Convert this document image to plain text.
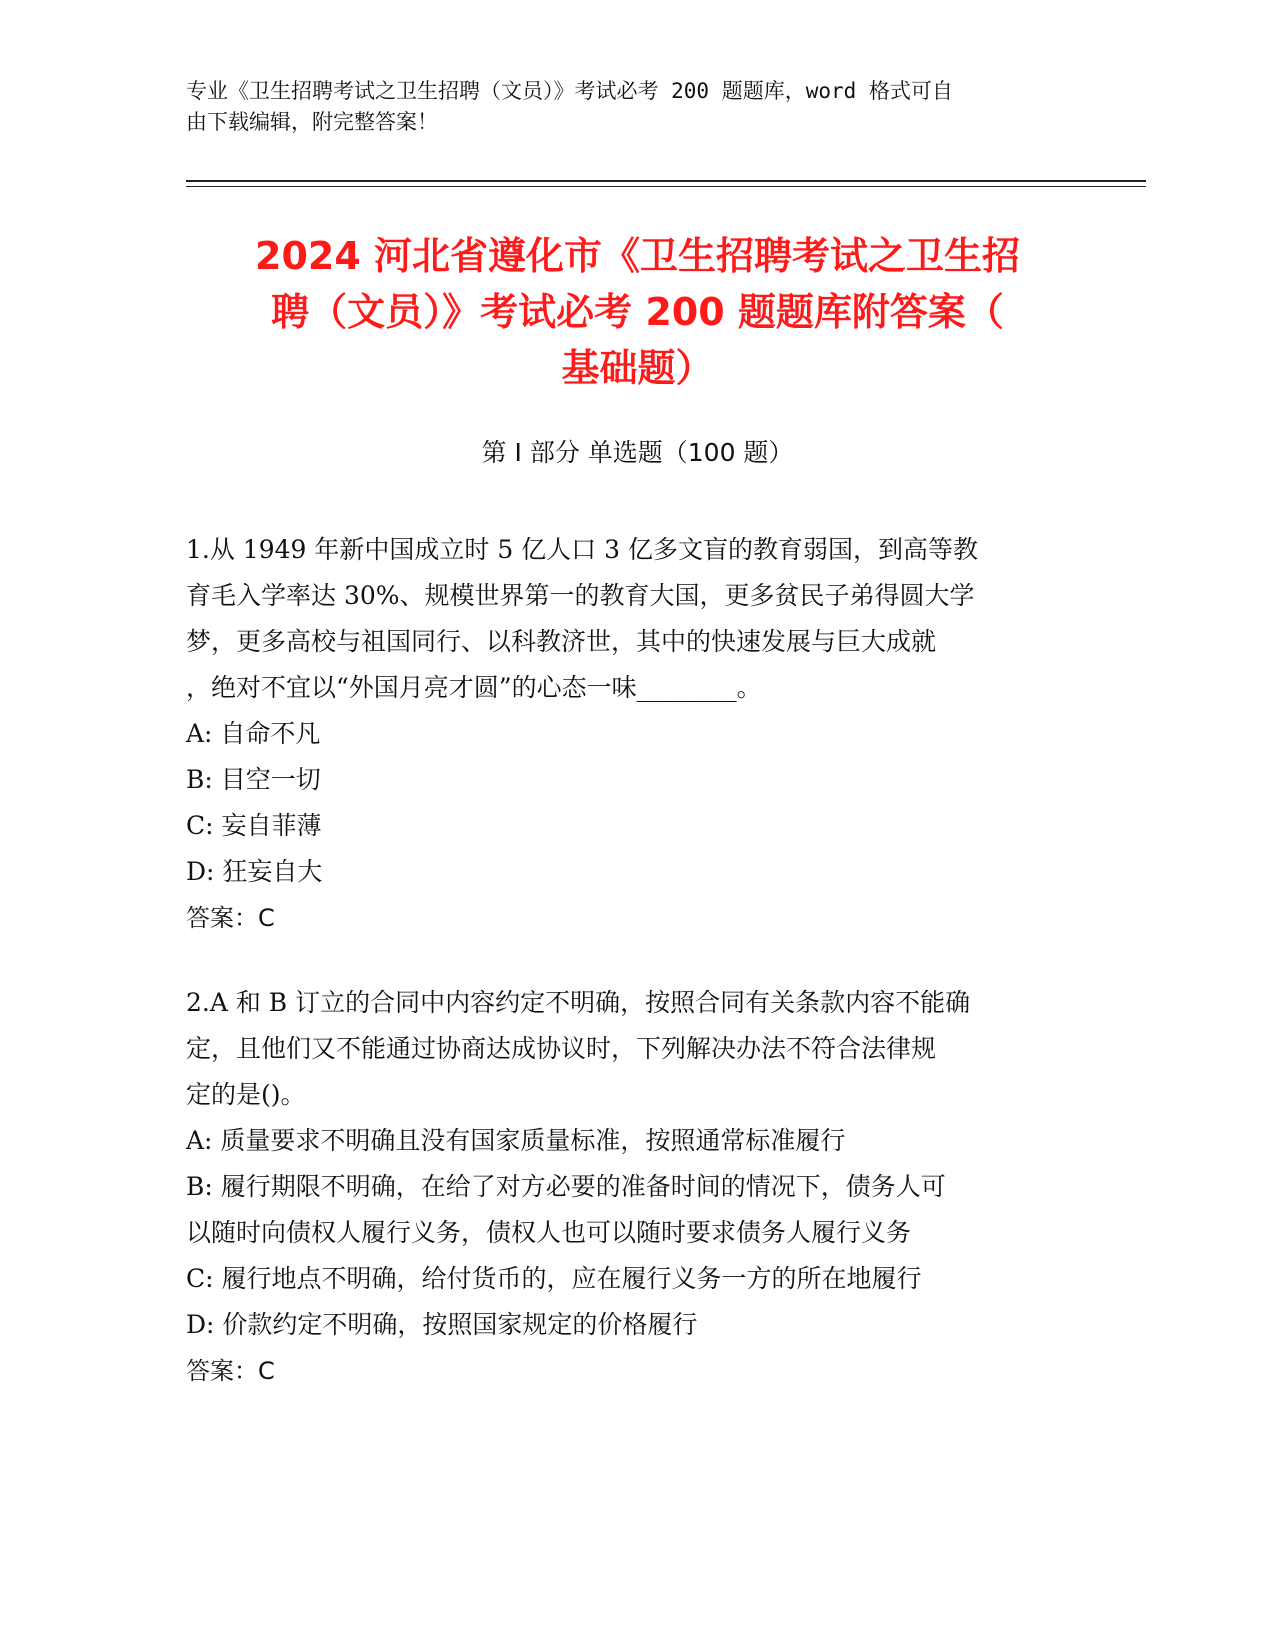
专业《卫生招聘考试之卫生招聘（文员）》考试必考 200 题题库，word 格式可自
由下载编辑，附完整答案！
2024 河北省遵化市《卫生招聘考试之卫生招
聘（文员）》考试必考 200 题题库附答案（
基础题）
第 I 部分 单选题（100 题）
1.从 1949 年新中国成立时 5 亿人口 3 亿多文盲的教育弱国，到高等教
育毛入学率达 30%、规模世界第一的教育大国，更多贫民子弟得圆大学
梦，更多高校与祖国同行、以科教济世，其中的快速发展与巨大成就
，绝对不宜以“外国月亮才圆”的心态一味________。
A: 自命不凡
B: 目空一切
C: 妄自菲薄
D: 狂妄自大
答案：C
2.A 和 B 订立的合同中内容约定不明确，按照合同有关条款内容不能确
定，且他们又不能通过协商达成协议时，下列解决办法不符合法律规
定的是()。
A: 质量要求不明确且没有国家质量标准，按照通常标准履行
B: 履行期限不明确，在给了对方必要的准备时间的情况下，债务人可
以随时向债权人履行义务，债权人也可以随时要求债务人履行义务
C: 履行地点不明确，给付货币的，应在履行义务一方的所在地履行
D: 价款约定不明确，按照国家规定的价格履行
答案：C
